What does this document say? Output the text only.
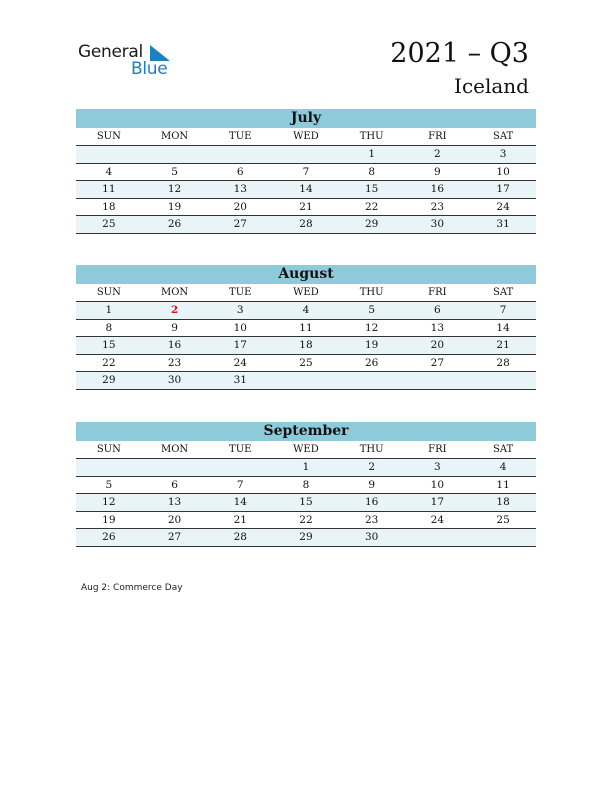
General
Blue	2021 – Q3
Iceland
July
SUN	MON	TUE	WED	THU	FRI	SAT
				1	2	3
4	5	6	7	8	9	10
11	12	13	14	15	16	17
18	19	20	21	22	23	24
25	26	27	28	29	30	31
August
SUN	MON	TUE	WED	THU	FRI	SAT
1	2	3	4	5	6	7
8	9	10	11	12	13	14
15	16	17	18	19	20	21
22	23	24	25	26	27	28
29	30	31				
September
SUN	MON	TUE	WED	THU	FRI	SAT
			1	2	3	4
5	6	7	8	9	10	11
12	13	14	15	16	17	18
19	20	21	22	23	24	25
26	27	28	29	30		
Aug 2: Commerce Day
